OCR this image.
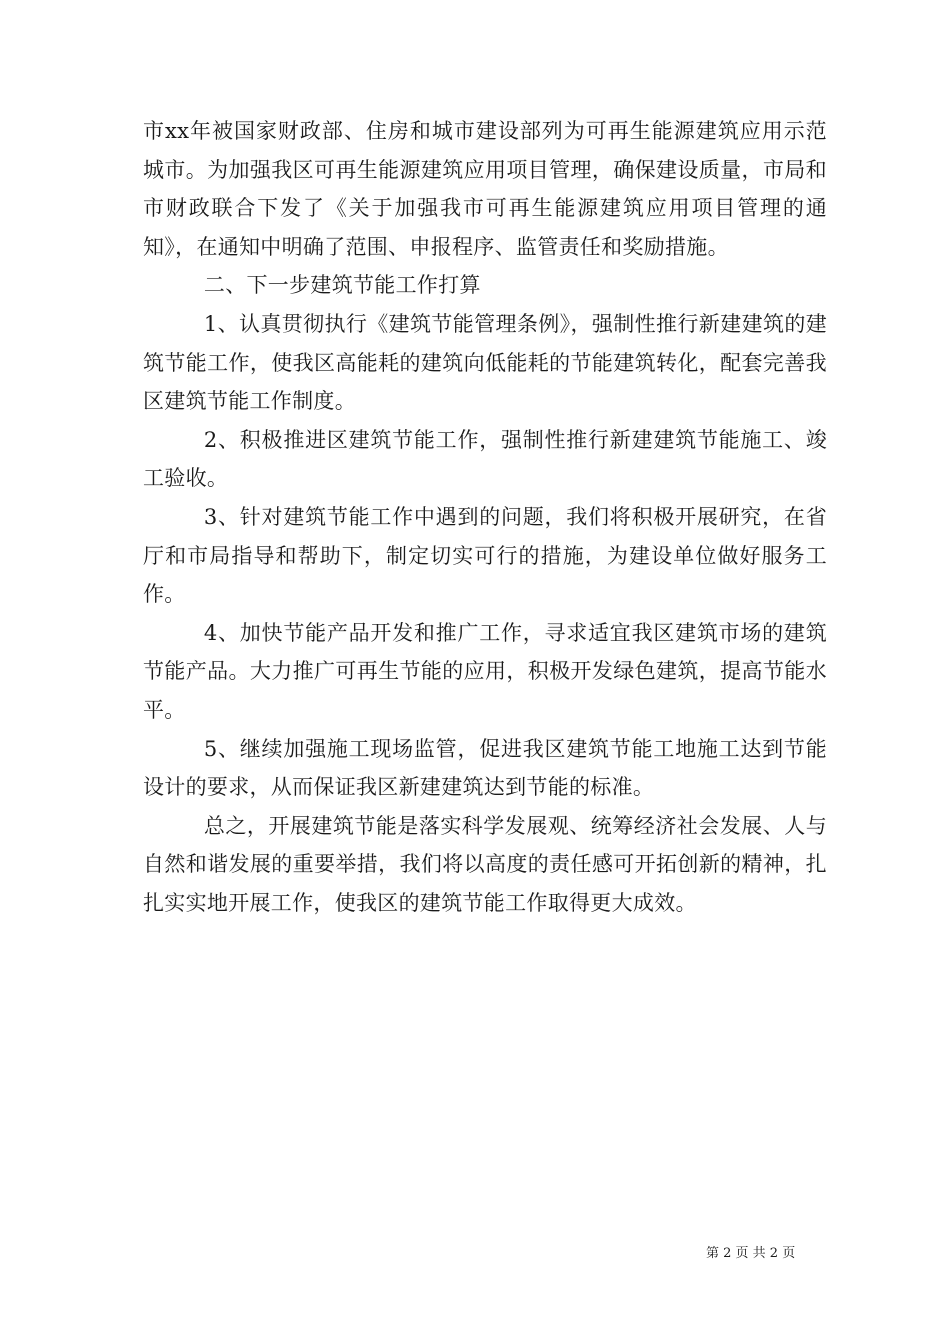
市xx年被国家财政部、住房和城市建设部列为可再生能源建筑应用示范城市。为加强我区可再生能源建筑应用项目管理，确保建设质量，市局和市财政联合下发了《关于加强我市可再生能源建筑应用项目管理的通知》，在通知中明确了范围、申报程序、监管责任和奖励措施。

二、下一步建筑节能工作打算

1、认真贯彻执行《建筑节能管理条例》，强制性推行新建建筑的建筑节能工作，使我区高能耗的建筑向低能耗的节能建筑转化，配套完善我区建筑节能工作制度。

2、积极推进区建筑节能工作，强制性推行新建建筑节能施工、竣工验收。

3、针对建筑节能工作中遇到的问题，我们将积极开展研究，在省厅和市局指导和帮助下，制定切实可行的措施，为建设单位做好服务工作。

4、加快节能产品开发和推广工作，寻求适宜我区建筑市场的建筑节能产品。大力推广可再生节能的应用，积极开发绿色建筑，提高节能水平。

5、继续加强施工现场监管，促进我区建筑节能工地施工达到节能设计的要求，从而保证我区新建建筑达到节能的标准。

总之，开展建筑节能是落实科学发展观、统筹经济社会发展、人与自然和谐发展的重要举措，我们将以高度的责任感可开拓创新的精神，扎扎实实地开展工作，使我区的建筑节能工作取得更大成效。

第 2 页 共 2 页
